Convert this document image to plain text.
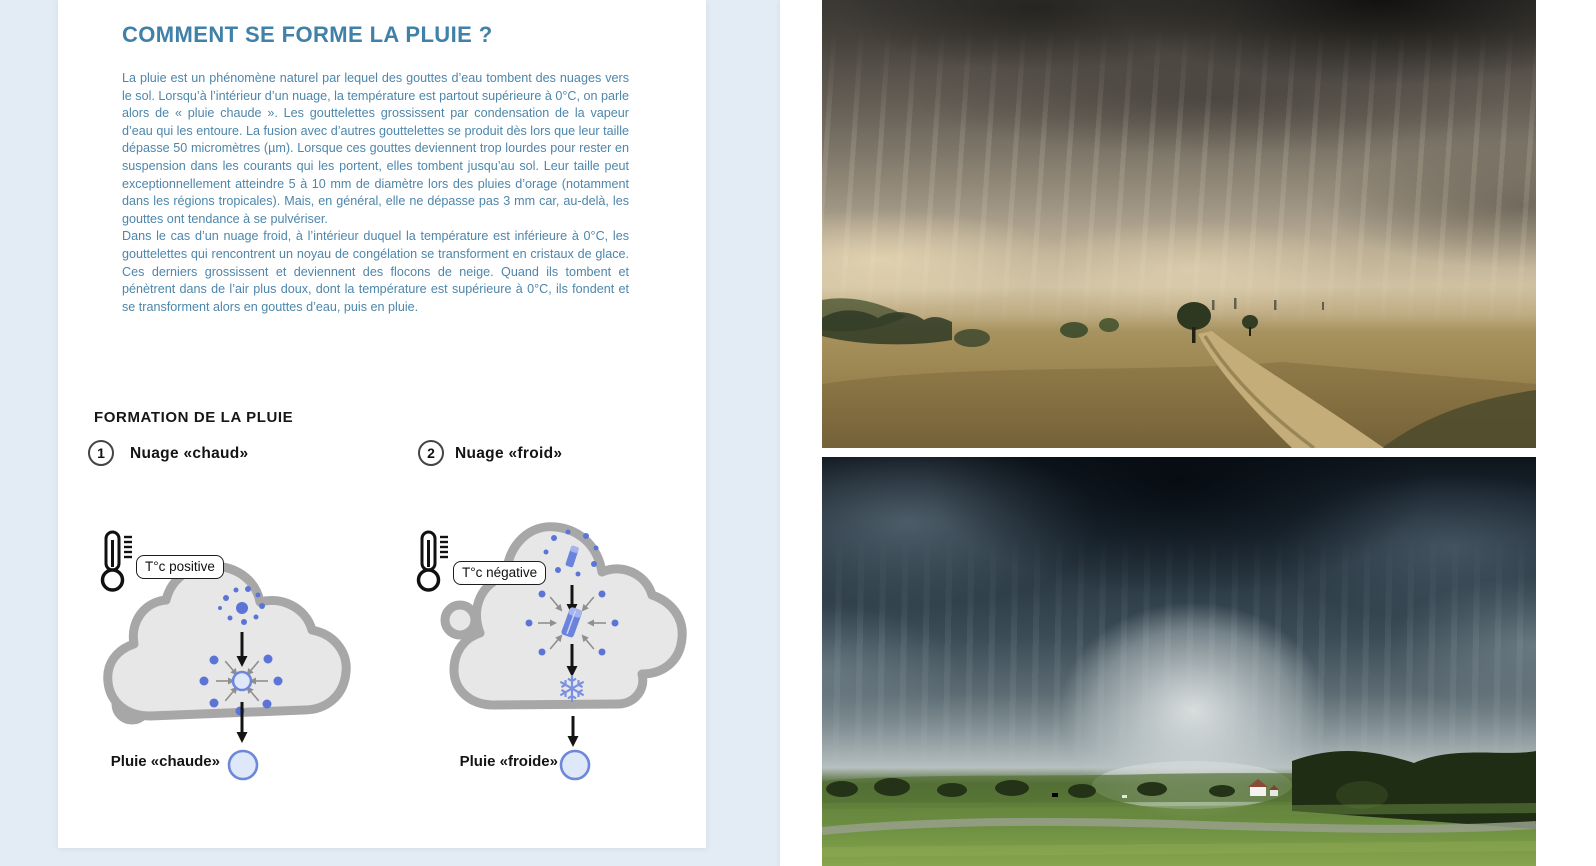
COMMENT SE FORME LA PLUIE ?

La pluie est un phénomène naturel par lequel des gouttes d’eau tombent des nuages vers le sol. Lorsqu’à l’intérieur d’un nuage, la température est partout supérieure à 0°C, on parle alors de « pluie chaude ». Les gouttelettes grossissent par condensation de la vapeur d’eau qui les entoure. La fusion avec d’autres gouttelettes se produit dès lors que leur taille dépasse 50 micromètres (µm). Lorsque ces gouttes deviennent trop lourdes pour rester en suspension dans les courants qui les portent, elles tombent jusqu’au sol. Leur taille peut exceptionnellement atteindre 5 à 10 mm de diamètre lors des pluies d’orage (notamment dans les régions tropicales). Mais, en général, elle ne dépasse pas 3 mm car, au-delà, les gouttes ont tendance à se pulvériser.

Dans le cas d’un nuage froid, à l’intérieur duquel la température est inférieure à 0°C, les gouttelettes qui rencontrent un noyau de congélation se transforment en cristaux de glace. Ces derniers grossissent et deviennent des flocons de neige. Quand ils tombent et pénètrent dans de l’air plus doux, dont la température est supérieure à 0°C, ils fondent et se transforment alors en gouttes d’eau, puis en pluie.

FORMATION DE LA PLUIE
1	Nuage «chaud»	2	Nuage «froid»
❄
T°c positive	T°c négative
Pluie «chaude»	Pluie «froide»
